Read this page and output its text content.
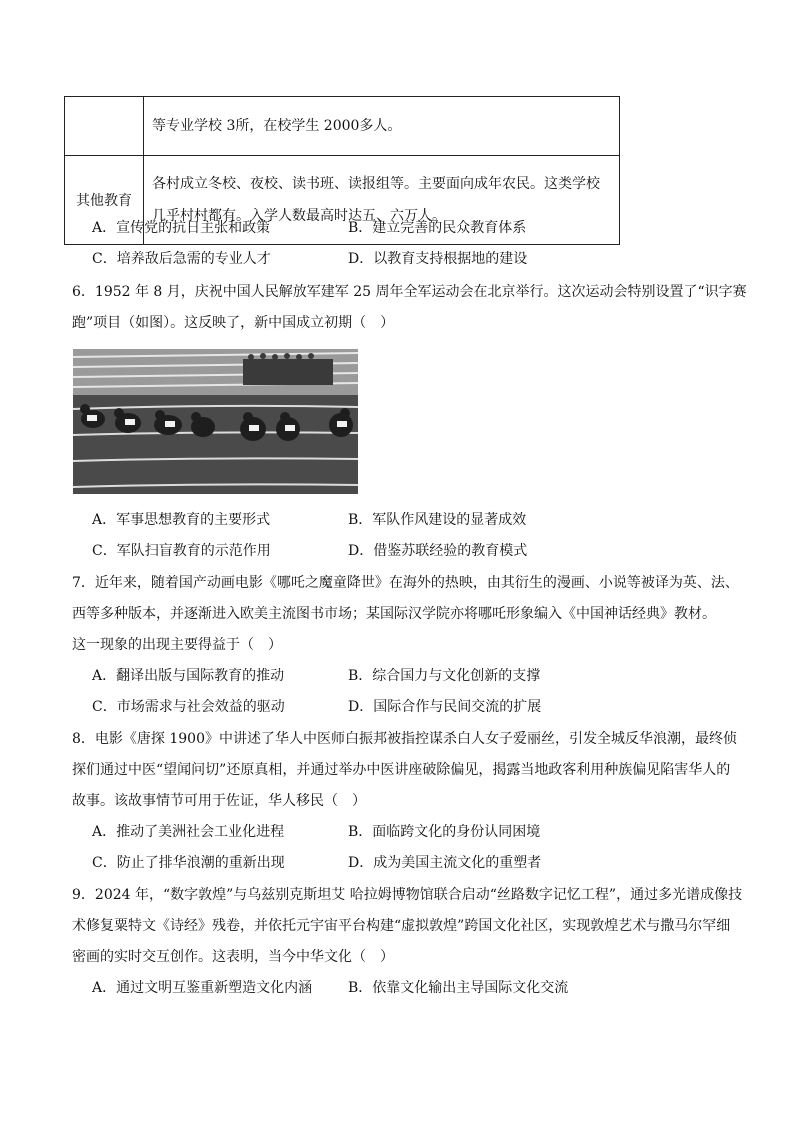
	等专业学校 3所，在校学生 2000多人。
其他教育	各村成立冬校、夜校、读书班、读报组等。主要面向成年农民。这类学校几乎村村都有。入学人数最高时达五、六万人。
A．宣传党的抗日主张和政策	B．建立完善的民众教育体系
C．培养敌后急需的专业人才	D．以教育支持根据地的建设
6．1952 年 8 月，庆祝中国人民解放军建军 25 周年全军运动会在北京举行。这次运动会特别设置了“识字赛
跑”项目（如图）。这反映了，新中国成立初期（　）
A．军事思想教育的主要形式	B．军队作风建设的显著成效
C．军队扫盲教育的示范作用	D．借鉴苏联经验的教育模式
7．近年来，随着国产动画电影《哪吒之魔童降世》在海外的热映，由其衍生的漫画、小说等被译为英、法、
西等多种版本，并逐渐进入欧美主流图书市场；某国际汉学院亦将哪吒形象编入《中国神话经典》教材。
这一现象的出现主要得益于（　）
A．翻译出版与国际教育的推动	B．综合国力与文化创新的支撑
C．市场需求与社会效益的驱动	D．国际合作与民间交流的扩展
8．电影《唐探 1900》中讲述了华人中医师白振邦被指控谋杀白人女子爱丽丝，引发全城反华浪潮，最终侦
探们通过中医“望闻问切”还原真相，并通过举办中医讲座破除偏见，揭露当地政客利用种族偏见陷害华人的
故事。该故事情节可用于佐证，华人移民（　）
A．推动了美洲社会工业化进程	B．面临跨文化的身份认同困境
C．防止了排华浪潮的重新出现	D．成为美国主流文化的重塑者
9．2024 年，“数字敦煌”与乌兹别克斯坦艾 哈拉姆博物馆联合启动“丝路数字记忆工程”，通过多光谱成像技
术修复粟特文《诗经》残卷，并依托元宇宙平台构建“虚拟敦煌”跨国文化社区，实现敦煌艺术与撒马尔罕细
密画的实时交互创作。这表明，当今中华文化（　）
A．通过文明互鉴重新塑造文化内涵	B．依靠文化输出主导国际文化交流
